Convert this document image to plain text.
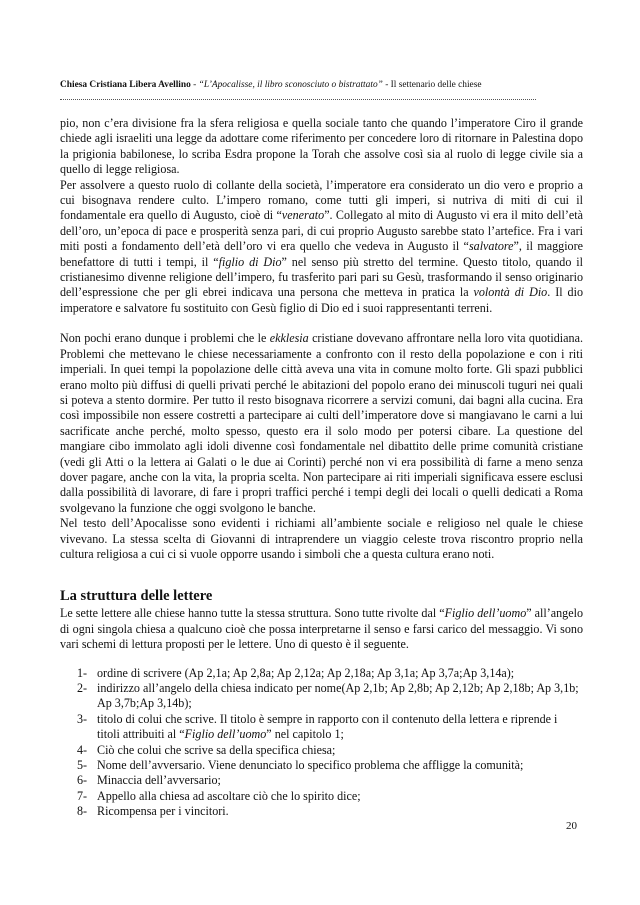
Chiesa Cristiana Libera Avellino - “L’Apocalisse, il libro sconosciuto o bistrattato” - Il settenario delle chiese

pio, non c’era divisione fra la sfera religiosa e quella sociale tanto che quando l’imperatore Ciro il grande chiede agli israeliti una legge da adottare come riferimento per concedere loro di ritornare in Palestina dopo la prigionia babilonese, lo scriba Esdra propone la Torah che assolve così sia al ruolo di legge civile sia a quello di legge religiosa.

Per assolvere a questo ruolo di collante della società, l’imperatore era considerato un dio vero e proprio a cui bisognava rendere culto. L’impero romano, come tutti gli imperi, si nutriva di miti di cui il fondamentale era quello di Augusto, cioè di “venerato”. Collegato al mito di Augusto vi era il mito dell’età dell’oro, un’epoca di pace e prosperità senza pari, di cui proprio Augusto sarebbe stato l’artefice. Fra i vari miti posti a fondamento dell’età dell’oro vi era quello che vedeva in Augusto il “salvatore”, il maggiore benefattore di tutti i tempi, il “figlio di Dio” nel senso più stretto del termine. Questo titolo, quando il cristianesimo divenne religione dell’impero, fu trasferito pari pari su Gesù, trasformando il senso originario dell’espressione che per gli ebrei indicava una persona che metteva in pratica la volontà di Dio. Il dio imperatore e salvatore fu sostituito con Gesù figlio di Dio ed i suoi rappresentanti terreni.

Non pochi erano dunque i problemi che le ekklesia cristiane dovevano affrontare nella loro vita quotidiana. Problemi che mettevano le chiese necessariamente a confronto con il resto della popolazione e con i riti imperiali. In quei tempi la popolazione delle città aveva una vita in comune molto forte. Gli spazi pubblici erano molto più diffusi di quelli privati perché le abitazioni del popolo erano dei minuscoli tuguri nei quali si poteva a stento dormire. Per tutto il resto bisognava ricorrere a servizi comuni, dai bagni alla cucina. Era così impossibile non essere costretti a partecipare ai culti dell’imperatore dove si mangiavano le carni a lui sacrificate anche perché, molto spesso, questo era il solo modo per potersi cibare. La questione del mangiare cibo immolato agli idoli divenne così fondamentale nel dibattito delle prime comunità cristiane (vedi gli Atti o la lettera ai Galati o le due ai Corinti) perché non vi era possibilità di farne a meno senza dover pagare, anche con la vita, la propria scelta. Non partecipare ai riti imperiali significava essere esclusi dalla possibilità di lavorare, di fare i propri traffici perché i tempi degli dei locali o quelli dedicati a Roma svolgevano la funzione che oggi svolgono le banche.

Nel testo dell’Apocalisse sono evidenti i richiami all’ambiente sociale e religioso nel quale le chiese vivevano. La stessa scelta di Giovanni di intraprendere un viaggio celeste trova riscontro proprio nella cultura religiosa a cui ci si vuole opporre usando i simboli che a questa cultura erano noti.

La struttura delle lettere

Le sette lettere alle chiese hanno tutte la stessa struttura. Sono tutte rivolte dal “Figlio dell’uomo” all’angelo di ogni singola chiesa a qualcuno cioè che possa interpretarne il senso e farsi carico del messaggio. Vi sono vari schemi di lettura proposti per le lettere. Uno di questo è il seguente.

1- ordine di scrivere (Ap 2,1a; Ap 2,8a; Ap 2,12a; Ap 2,18a; Ap 3,1a; Ap 3,7a;Ap 3,14a);
2- indirizzo all’angelo della chiesa indicato per nome(Ap 2,1b; Ap 2,8b; Ap 2,12b; Ap 2,18b; Ap 3,1b; Ap 3,7b;Ap 3,14b);
3- titolo di colui che scrive. Il titolo è sempre in rapporto con il contenuto della lettera e riprende i titoli attribuiti al “Figlio dell’uomo” nel capitolo 1;
4- Ciò che colui che scrive sa della specifica chiesa;
5- Nome dell’avversario. Viene denunciato lo specifico problema che affligge la comunità;
6- Minaccia dell’avversario;
7- Appello alla chiesa ad ascoltare ciò che lo spirito dice;
8- Ricompensa per i vincitori.
20
